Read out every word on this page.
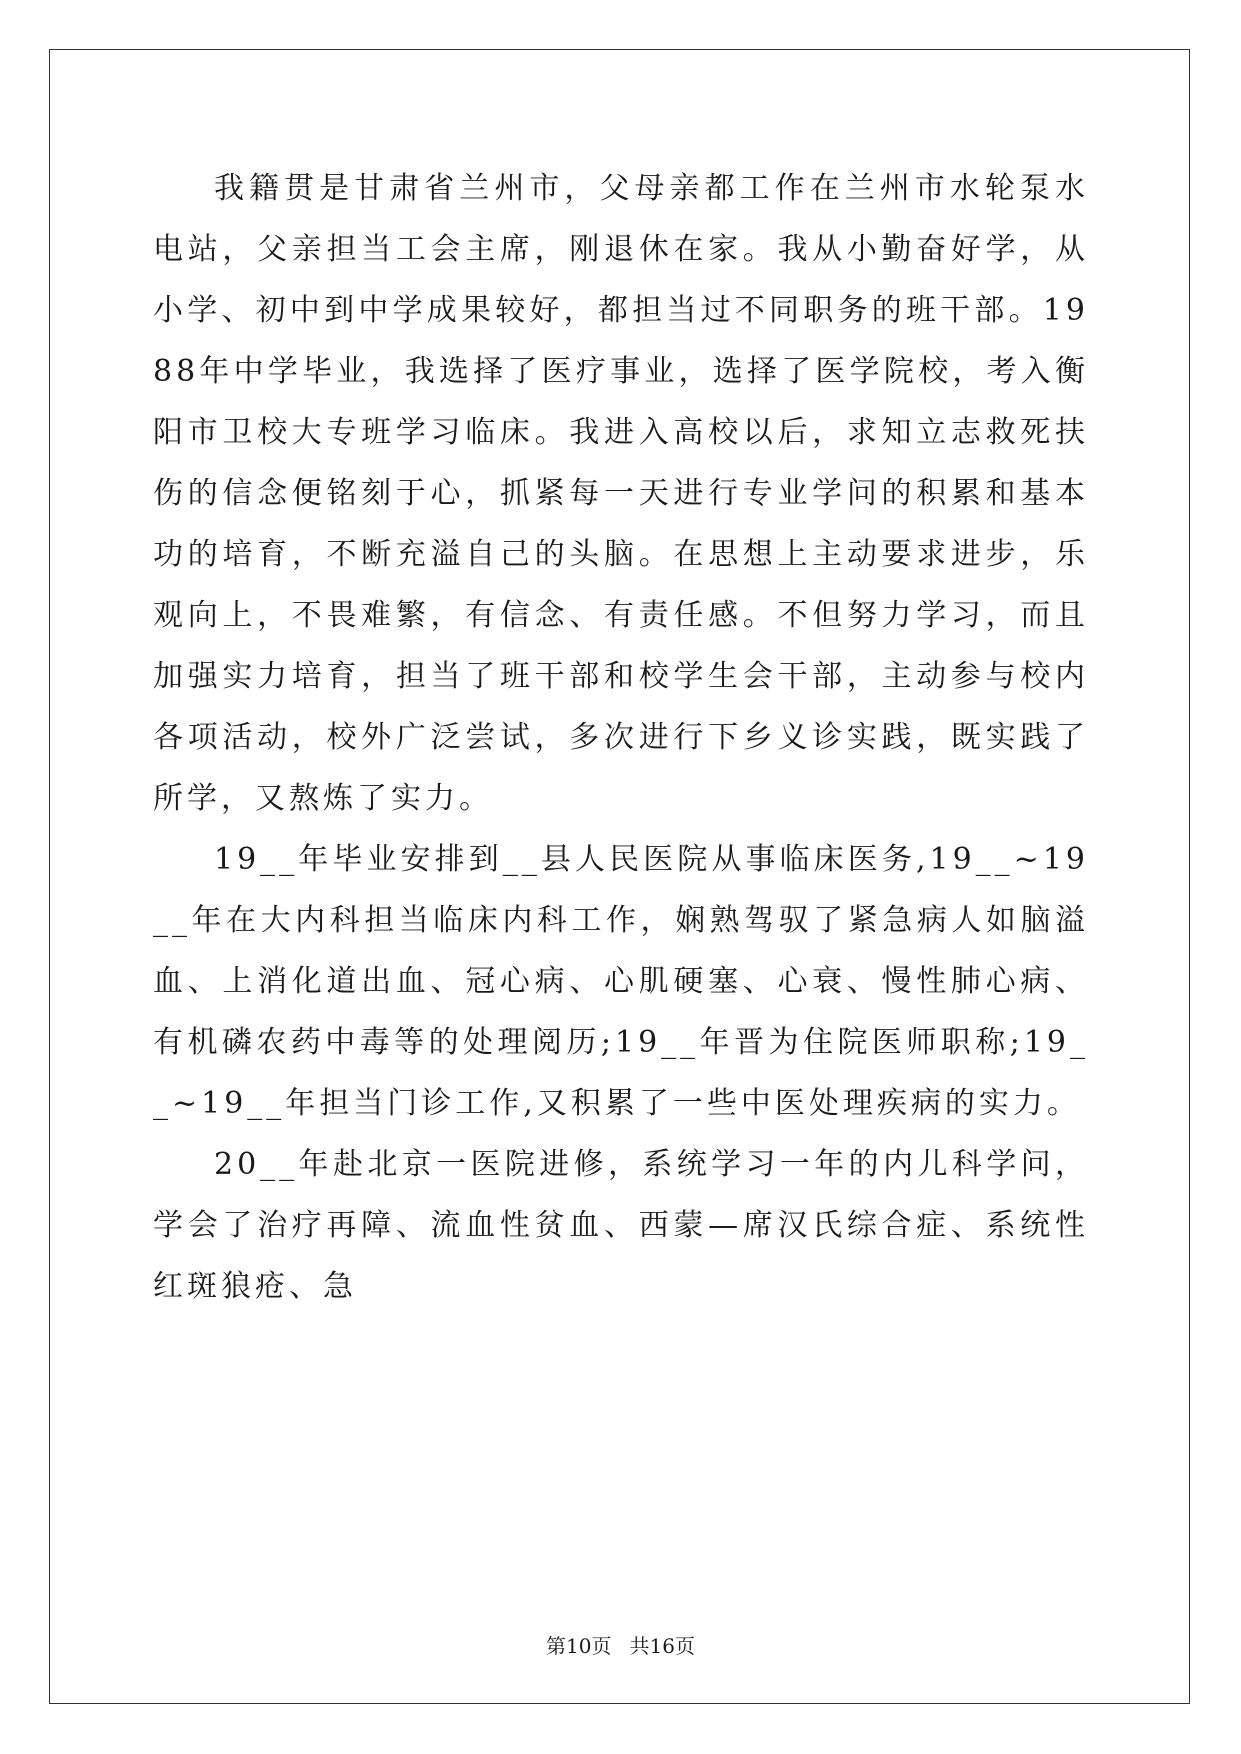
我籍贯是甘肃省兰州市，父母亲都工作在兰州市水轮泵水电站，父亲担当工会主席，刚退休在家。我从小勤奋好学，从小学、初中到中学成果较好，都担当过不同职务的班干部。1988年中学毕业，我选择了医疗事业，选择了医学院校，考入衡阳市卫校大专班学习临床。我进入高校以后，求知立志救死扶伤的信念便铭刻于心，抓紧每一天进行专业学问的积累和基本功的培育，不断充溢自己的头脑。在思想上主动要求进步，乐观向上，不畏难繁，有信念、有责任感。不但努力学习，而且加强实力培育，担当了班干部和校学生会干部，主动参与校内各项活动，校外广泛尝试，多次进行下乡义诊实践，既实践了所学，又熬炼了实力。

19__年毕业安排到__县人民医院从事临床医务,19__~19__年在大内科担当临床内科工作，娴熟驾驭了紧急病人如脑溢血、上消化道出血、冠心病、心肌硬塞、心衰、慢性肺心病、有机磷农药中毒等的处理阅历;19__年晋为住院医师职称;19__~19__年担当门诊工作,又积累了一些中医处理疾病的实力。

20__年赴北京一医院进修，系统学习一年的内儿科学问，学会了治疗再障、流血性贫血、西蒙—席汉氏综合症、系统性红斑狼疮、急

第10页 共16页
